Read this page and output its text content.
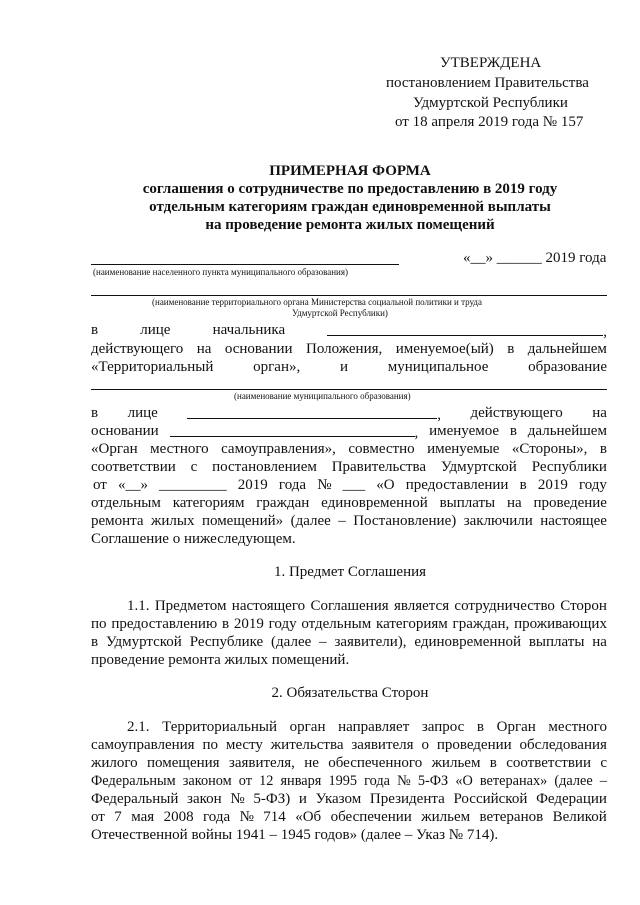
УТВЕРЖДЕНА
постановлением Правительства
Удмуртской Республики
от 18 апреля 2019 года № 157
ПРИМЕРНАЯ ФОРМА
соглашения о сотрудничестве по предоставлению в 2019 году
отдельным категориям граждан единовременной выплаты
на проведение ремонта жилых помещений
«__» ______ 2019 года
(наименование населенного пункта муниципального образования)
(наименование территориального органа Министерства социальной политики и труда
Удмуртской Республики)
в	лице	начальника	,
действующего на основании Положения, именуемое(ый) в дальнейшем
«Территориальный	орган»,	и	муниципальное	образование
(наименование муниципального образования)
в лице	, действующего на
основании	, именуемое в дальнейшем
«Орган местного самоуправления», совместно именуемые «Стороны», в
соответствии с постановлением Правительства Удмуртской Республики
от «__» _________ 2019 года № ___ «О предоставлении в 2019 году
отдельным категориям граждан единовременной выплаты на проведение
ремонта жилых помещений» (далее – Постановление) заключили настоящее
Соглашение о нижеследующем.
1. Предмет Соглашения
1.1. Предметом настоящего Соглашения является сотрудничество Сторон
по предоставлению в 2019 году отдельным категориям граждан, проживающих
в Удмуртской Республике (далее – заявители), единовременной выплаты на
проведение ремонта жилых помещений.
2. Обязательства Сторон
2.1. Территориальный орган направляет запрос в Орган местного
самоуправления по месту жительства заявителя о проведении обследования
жилого помещения заявителя, не обеспеченного жильем в соответствии с
Федеральным законом от 12 января 1995 года № 5-ФЗ «О ветеранах» (далее –
Федеральный закон № 5-ФЗ) и Указом Президента Российской Федерации
от 7 мая 2008 года № 714 «Об обеспечении жильем ветеранов Великой
Отечественной войны 1941 – 1945 годов» (далее – Указ № 714).
